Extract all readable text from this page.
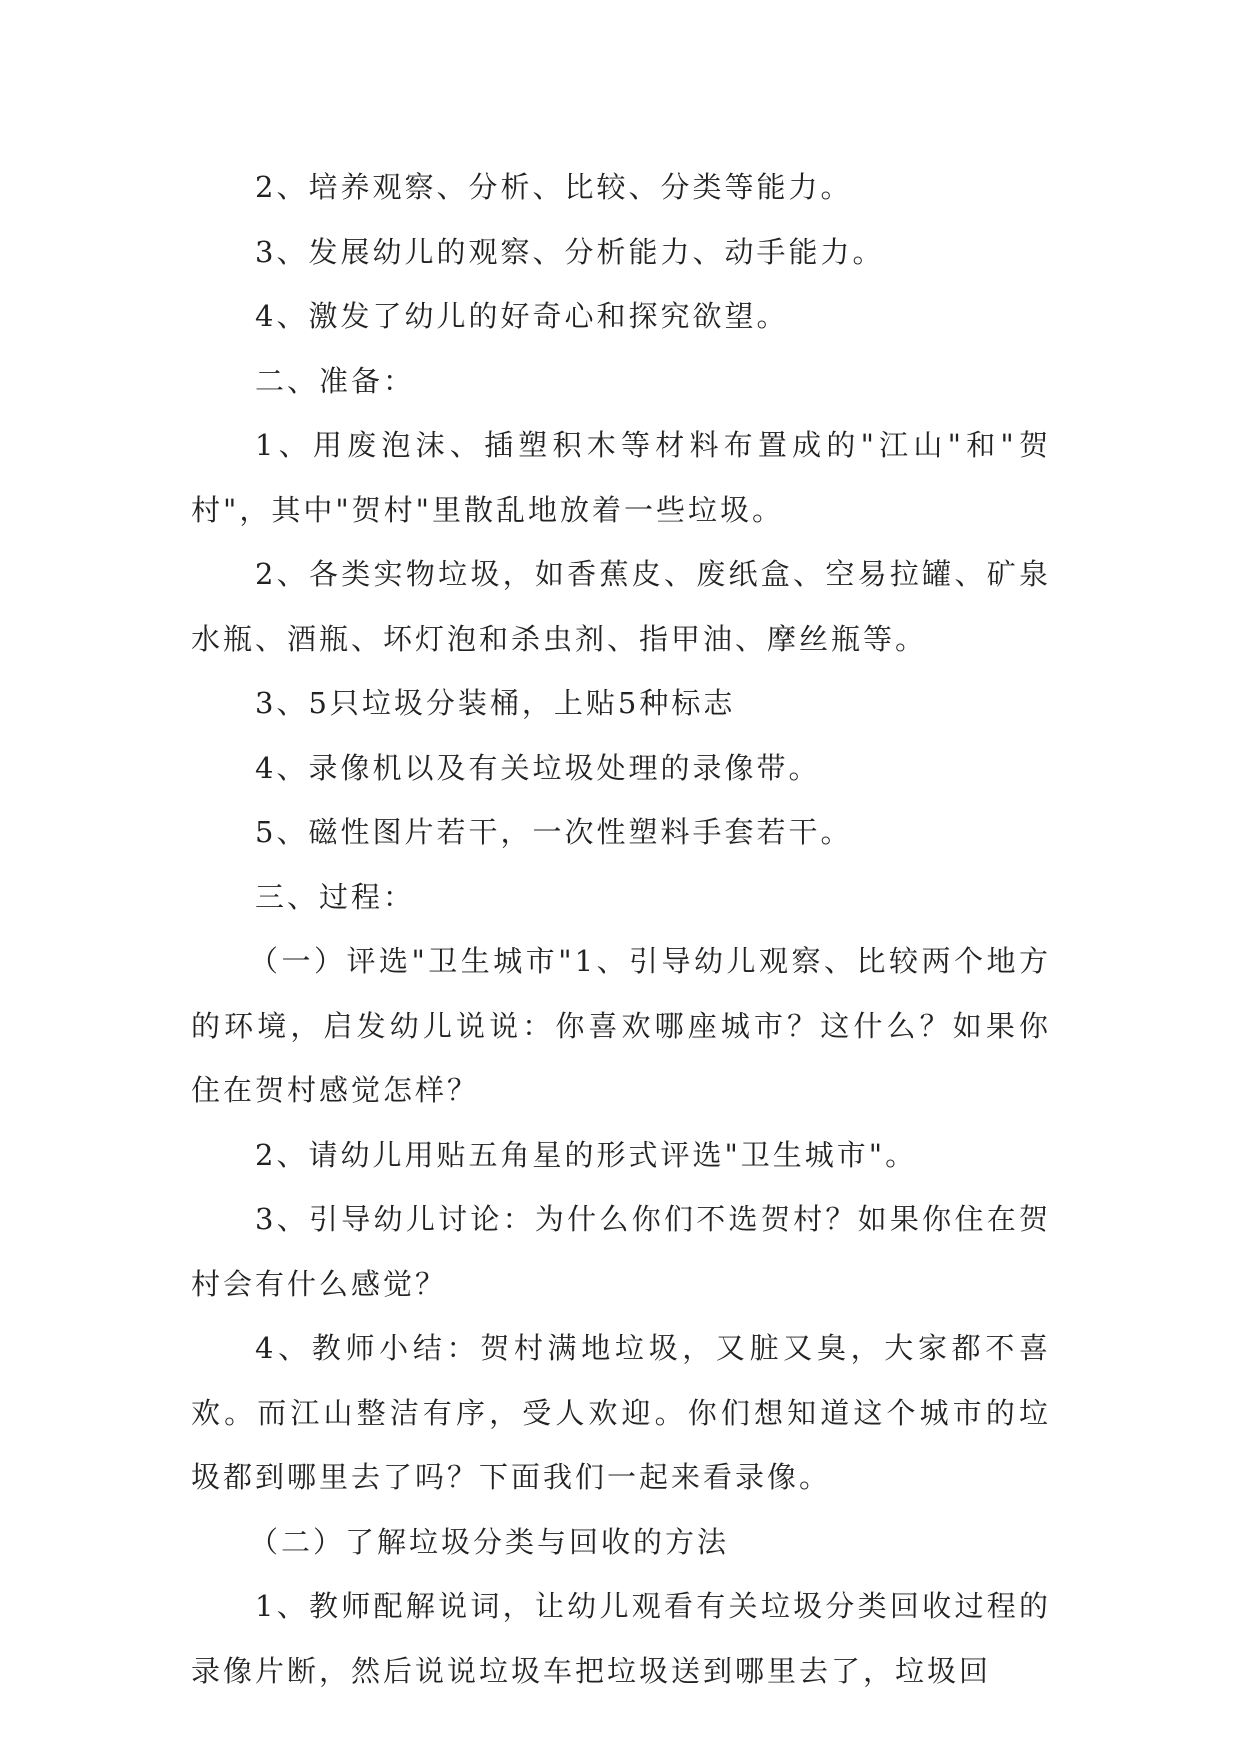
2、培养观察、分析、比较、分类等能力。

3、发展幼儿的观察、分析能力、动手能力。

4、激发了幼儿的好奇心和探究欲望。

二、准备：

1、用废泡沫、插塑积木等材料布置成的"江山"和"贺村"，其中"贺村"里散乱地放着一些垃圾。

2、各类实物垃圾，如香蕉皮、废纸盒、空易拉罐、矿泉水瓶、酒瓶、坏灯泡和杀虫剂、指甲油、摩丝瓶等。

3、5只垃圾分装桶，上贴5种标志

4、录像机以及有关垃圾处理的录像带。

5、磁性图片若干，一次性塑料手套若干。

三、过程：

（一）评选"卫生城市"1、引导幼儿观察、比较两个地方的环境，启发幼儿说说：你喜欢哪座城市？这什么？如果你住在贺村感觉怎样？

2、请幼儿用贴五角星的形式评选"卫生城市"。

3、引导幼儿讨论：为什么你们不选贺村？如果你住在贺村会有什么感觉？

4、教师小结：贺村满地垃圾，又脏又臭，大家都不喜欢。而江山整洁有序，受人欢迎。你们想知道这个城市的垃圾都到哪里去了吗？下面我们一起来看录像。

（二）了解垃圾分类与回收的方法

1、教师配解说词，让幼儿观看有关垃圾分类回收过程的录像片断，然后说说垃圾车把垃圾送到哪里去了，垃圾回
